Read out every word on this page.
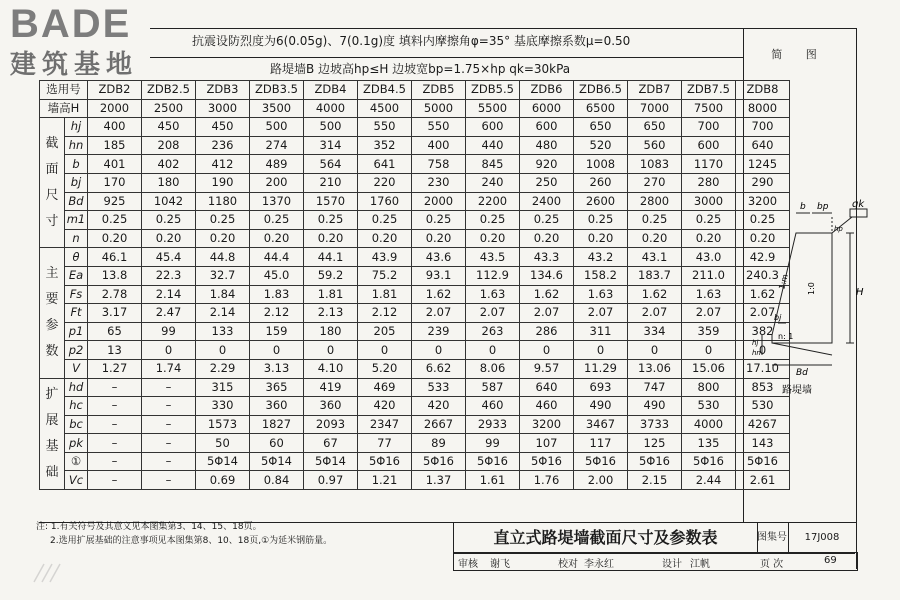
BADE
建筑基地
抗震设防烈度为6(0.05g)、7(0.1g)度 填料内摩擦角φ=35° 基底摩擦系数μ=0.50
路堤墙B 边坡高hp≤H 边坡宽bp=1.75×hp qk=30kPa
简 图
选用号		ZDB2	ZDB2.5	ZDB3	ZDB3.5	ZDB4	ZDB4.5	ZDB5	ZDB5.5	ZDB6	ZDB6.5	ZDB7	ZDB7.5	ZDB8
墙高H		2000	2500	3000	3500	4000	4500	5000	5500	6000	6500	7000	7500	8000

截
面
尺
寸	hj	400	450	450	500	500	550	550	600	600	650	650	700	700
	hn	185	208	236	274	314	352	400	440	480	520	560	600	640
	b	401	402	412	489	564	641	758	845	920	1008	1083	1170	1245
	bj	170	180	190	200	210	220	230	240	250	260	270	280	290
	Bd	925	1042	1180	1370	1570	1760	2000	2200	2400	2600	2800	3000	3200
	m1	0.25	0.25	0.25	0.25	0.25	0.25	0.25	0.25	0.25	0.25	0.25	0.25	0.25
	n	0.20	0.20	0.20	0.20	0.20	0.20	0.20	0.20	0.20	0.20	0.20	0.20	0.20

主
要
参
数	θ	46.1	45.4	44.8	44.4	44.1	43.9	43.6	43.5	43.3	43.2	43.1	43.0	42.9
	Ea	13.8	22.3	32.7	45.0	59.2	75.2	93.1	112.9	134.6	158.2	183.7	211.0	240.3
	Fs	2.78	2.14	1.84	1.83	1.81	1.81	1.62	1.63	1.62	1.63	1.62	1.63	1.62
	Ft	3.17	2.47	2.14	2.12	2.13	2.12	2.07	2.07	2.07	2.07	2.07	2.07	2.07
	p1	65	99	133	159	180	205	239	263	286	311	334	359	382
	p2	13	0	0	0	0	0	0	0	0	0	0	0	0
	V	1.27	1.74	2.29	3.13	4.10	5.20	6.62	8.06	9.57	11.29	13.06	15.06	17.10

扩
展
基
础	hd	–	–	315	365	419	469	533	587	640	693	747	800	853
	hc	–	–	330	360	360	420	420	460	460	490	490	530	530
	bc	–	–	1573	1827	2093	2347	2667	2933	3200	3467	3733	4000	4267
	pk	–	–	50	60	67	77	89	99	107	117	125	135	143
	①	–	–	5Φ14	5Φ14	5Φ14	5Φ16	5Φ16	5Φ16	5Φ16	5Φ16	5Φ16	5Φ16	5Φ16
	Vc	–	–	0.69	0.84	0.97	1.21	1.37	1.61	1.76	2.00	2.15	2.44	2.61
b bp qk
hp
H
1:m 1:0
n: 1
bj
hj
hn
Bd
路堤墙
注: 1.有关符号及其意义见本图集第3、14、15、18页。
2.选用扩展基础的注意事项见本图集第8、10、18页,①为延米钢筋量。	直立式路堤墙截面尺寸及参数表	图集号	17J008
审核 谢飞	校对 李永红	设计 江帆	页 次	69
